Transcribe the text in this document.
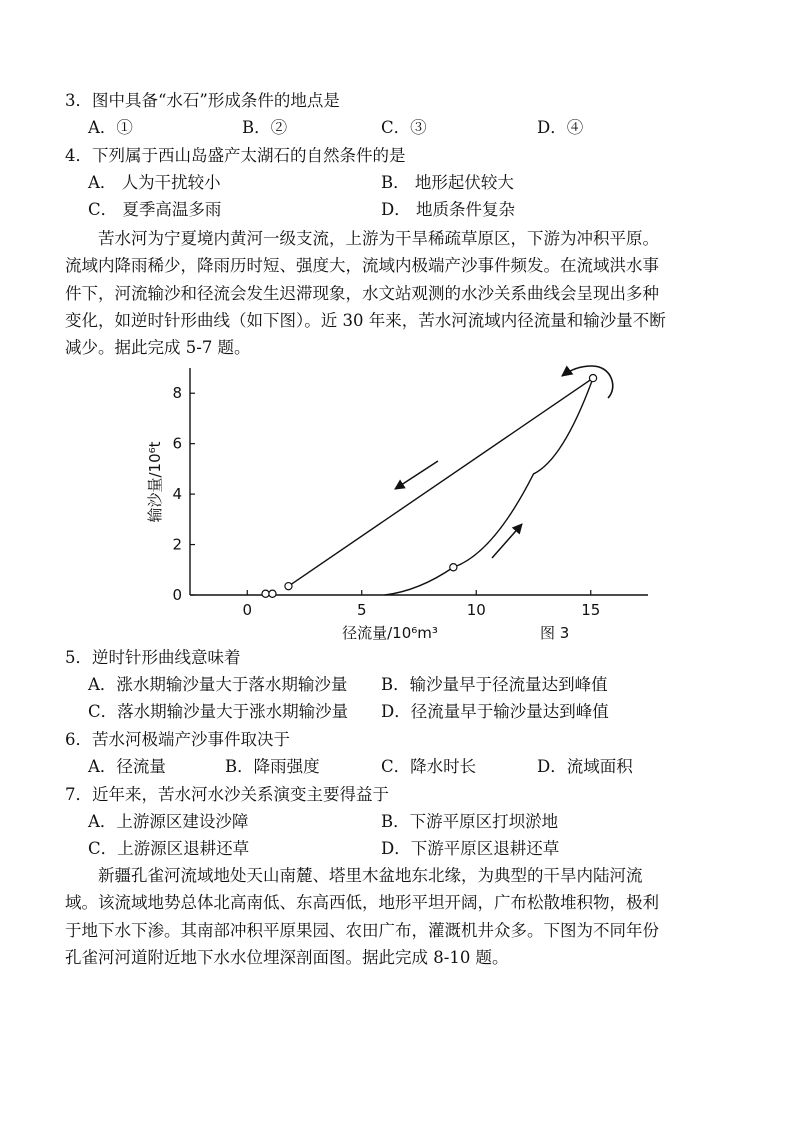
3．图中具备“水石”形成条件的地点是
A．①	B．②	C．③	D．④
4．下列属于西山岛盛产太湖石的自然条件的是
A． 人为干扰较小	B． 地形起伏较大
C． 夏季高温多雨	D． 地质条件复杂
苦水河为宁夏境内黄河一级支流，上游为干旱稀疏草原区，下游为冲积平原。
流域内降雨稀少，降雨历时短、强度大，流域内极端产沙事件频发。在流域洪水事
件下，河流输沙和径流会发生迟滞现象，水文站观测的水沙关系曲线会呈现出多种
变化，如逆时针形曲线（如下图）。近 30 年来，苦水河流域内径流量和输沙量不断
减少。据此完成 5-7 题。
0
2
4
6
8
0	5	10	15
输沙量/10⁶t
径流量/10⁶m³	图 3
5．逆时针形曲线意味着
A．涨水期输沙量大于落水期输沙量 B．输沙量早于径流量达到峰值
C．落水期输沙量大于涨水期输沙量 D．径流量早于输沙量达到峰值
6．苦水河极端产沙事件取决于
A．径流量	B．降雨强度	C．降水时长	D．流域面积
7．近年来，苦水河水沙关系演变主要得益于
A．上游源区建设沙障	B．下游平原区打坝淤地
C．上游源区退耕还草	D．下游平原区退耕还草
新疆孔雀河流域地处天山南麓、塔里木盆地东北缘，为典型的干旱内陆河流
域。该流域地势总体北高南低、东高西低，地形平坦开阔，广布松散堆积物，极利
于地下水下渗。其南部冲积平原果园、农田广布，灌溉机井众多。下图为不同年份
孔雀河河道附近地下水水位埋深剖面图。据此完成 8-10 题。
